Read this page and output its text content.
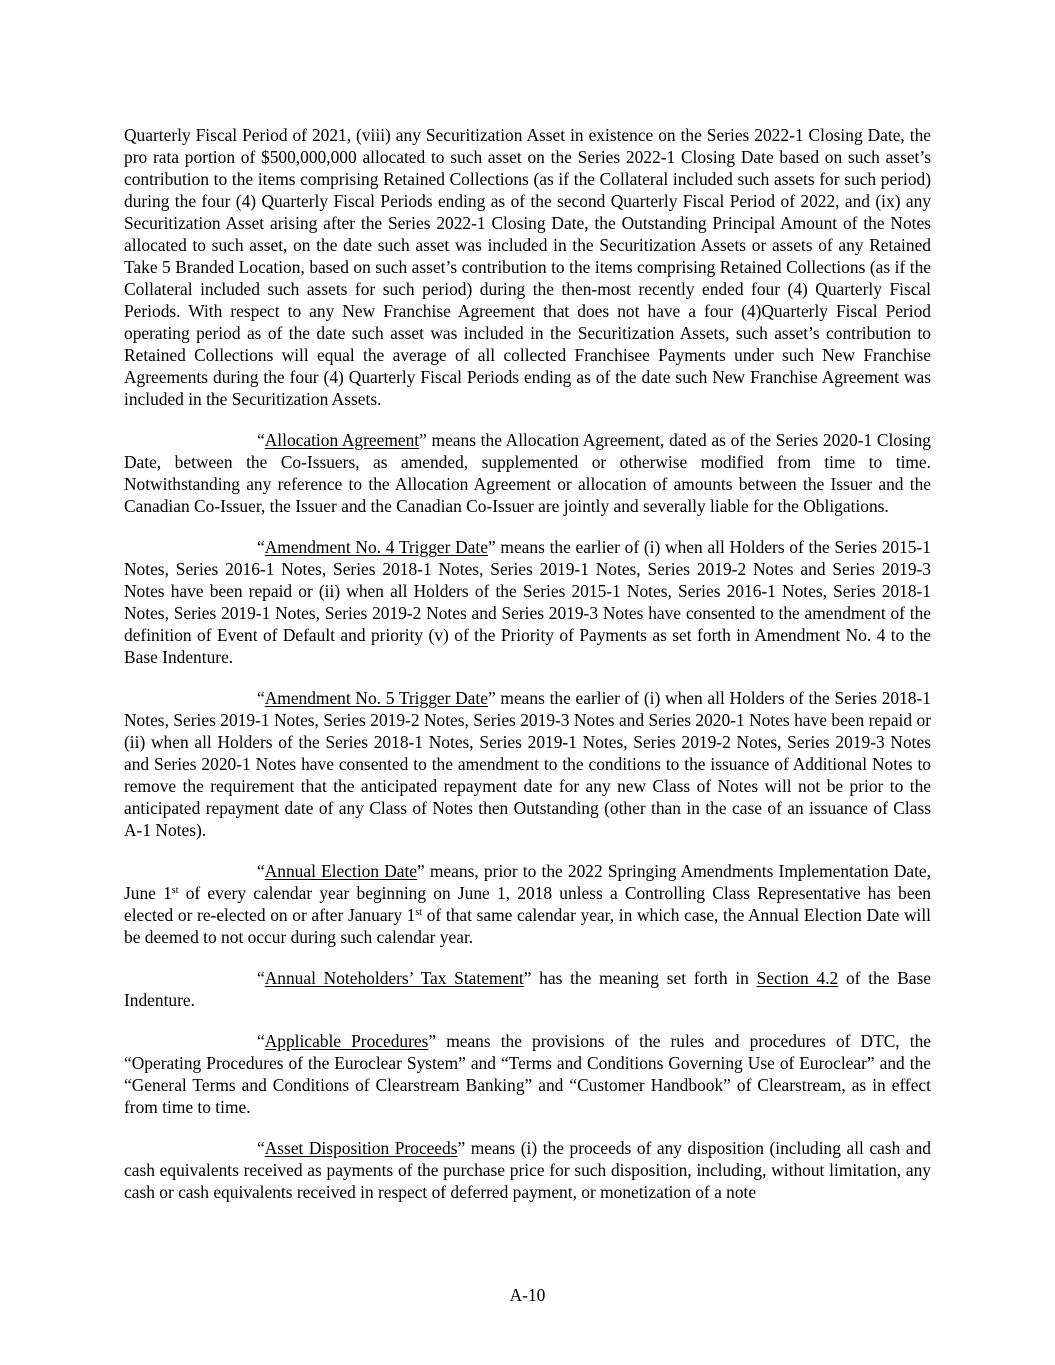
Quarterly Fiscal Period of 2021, (viii) any Securitization Asset in existence on the Series 2022-1 Closing Date, the pro rata portion of $500,000,000 allocated to such asset on the Series 2022-1 Closing Date based on such asset’s contribution to the items comprising Retained Collections (as if the Collateral included such assets for such period) during the four (4) Quarterly Fiscal Periods ending as of the second Quarterly Fiscal Period of 2022, and (ix) any Securitization Asset arising after the Series 2022-1 Closing Date, the Outstanding Principal Amount of the Notes allocated to such asset, on the date such asset was included in the Securitization Assets or assets of any Retained Take 5 Branded Location, based on such asset’s contribution to the items comprising Retained Collections (as if the Collateral included such assets for such period) during the then-most recently ended four (4) Quarterly Fiscal Periods. With respect to any New Franchise Agreement that does not have a four (4)Quarterly Fiscal Period operating period as of the date such asset was included in the Securitization Assets, such asset’s contribution to Retained Collections will equal the average of all collected Franchisee Payments under such New Franchise Agreements during the four (4) Quarterly Fiscal Periods ending as of the date such New Franchise Agreement was included in the Securitization Assets.

“Allocation Agreement” means the Allocation Agreement, dated as of the Series 2020-1 Closing Date, between the Co-Issuers, as amended, supplemented or otherwise modified from time to time. Notwithstanding any reference to the Allocation Agreement or allocation of amounts between the Issuer and the Canadian Co-Issuer, the Issuer and the Canadian Co-Issuer are jointly and severally liable for the Obligations.

“Amendment No. 4 Trigger Date” means the earlier of (i) when all Holders of the Series 2015-1 Notes, Series 2016-1 Notes, Series 2018-1 Notes, Series 2019-1 Notes, Series 2019-2 Notes and Series 2019-3 Notes have been repaid or (ii) when all Holders of the Series 2015-1 Notes, Series 2016-1 Notes, Series 2018-1 Notes, Series 2019-1 Notes, Series 2019-2 Notes and Series 2019-3 Notes have consented to the amendment of the definition of Event of Default and priority (v) of the Priority of Payments as set forth in Amendment No. 4 to the Base Indenture.

“Amendment No. 5 Trigger Date” means the earlier of (i) when all Holders of the Series 2018-1 Notes, Series 2019-1 Notes, Series 2019-2 Notes, Series 2019-3 Notes and Series 2020-1 Notes have been repaid or (ii) when all Holders of the Series 2018-1 Notes, Series 2019-1 Notes, Series 2019-2 Notes, Series 2019-3 Notes and Series 2020-1 Notes have consented to the amendment to the conditions to the issuance of Additional Notes to remove the requirement that the anticipated repayment date for any new Class of Notes will not be prior to the anticipated repayment date of any Class of Notes then Outstanding (other than in the case of an issuance of Class A-1 Notes).

“Annual Election Date” means, prior to the 2022 Springing Amendments Implementation Date, June 1st of every calendar year beginning on June 1, 2018 unless a Controlling Class Representative has been elected or re-elected on or after January 1st of that same calendar year, in which case, the Annual Election Date will be deemed to not occur during such calendar year.

“Annual Noteholders’ Tax Statement” has the meaning set forth in Section 4.2 of the Base Indenture.

“Applicable Procedures” means the provisions of the rules and procedures of DTC, the “Operating Procedures of the Euroclear System” and “Terms and Conditions Governing Use of Euroclear” and the “General Terms and Conditions of Clearstream Banking” and “Customer Handbook” of Clearstream, as in effect from time to time.

“Asset Disposition Proceeds” means (i) the proceeds of any disposition (including all cash and cash equivalents received as payments of the purchase price for such disposition, including, without limitation, any cash or cash equivalents received in respect of deferred payment, or monetization of a note

A-10
